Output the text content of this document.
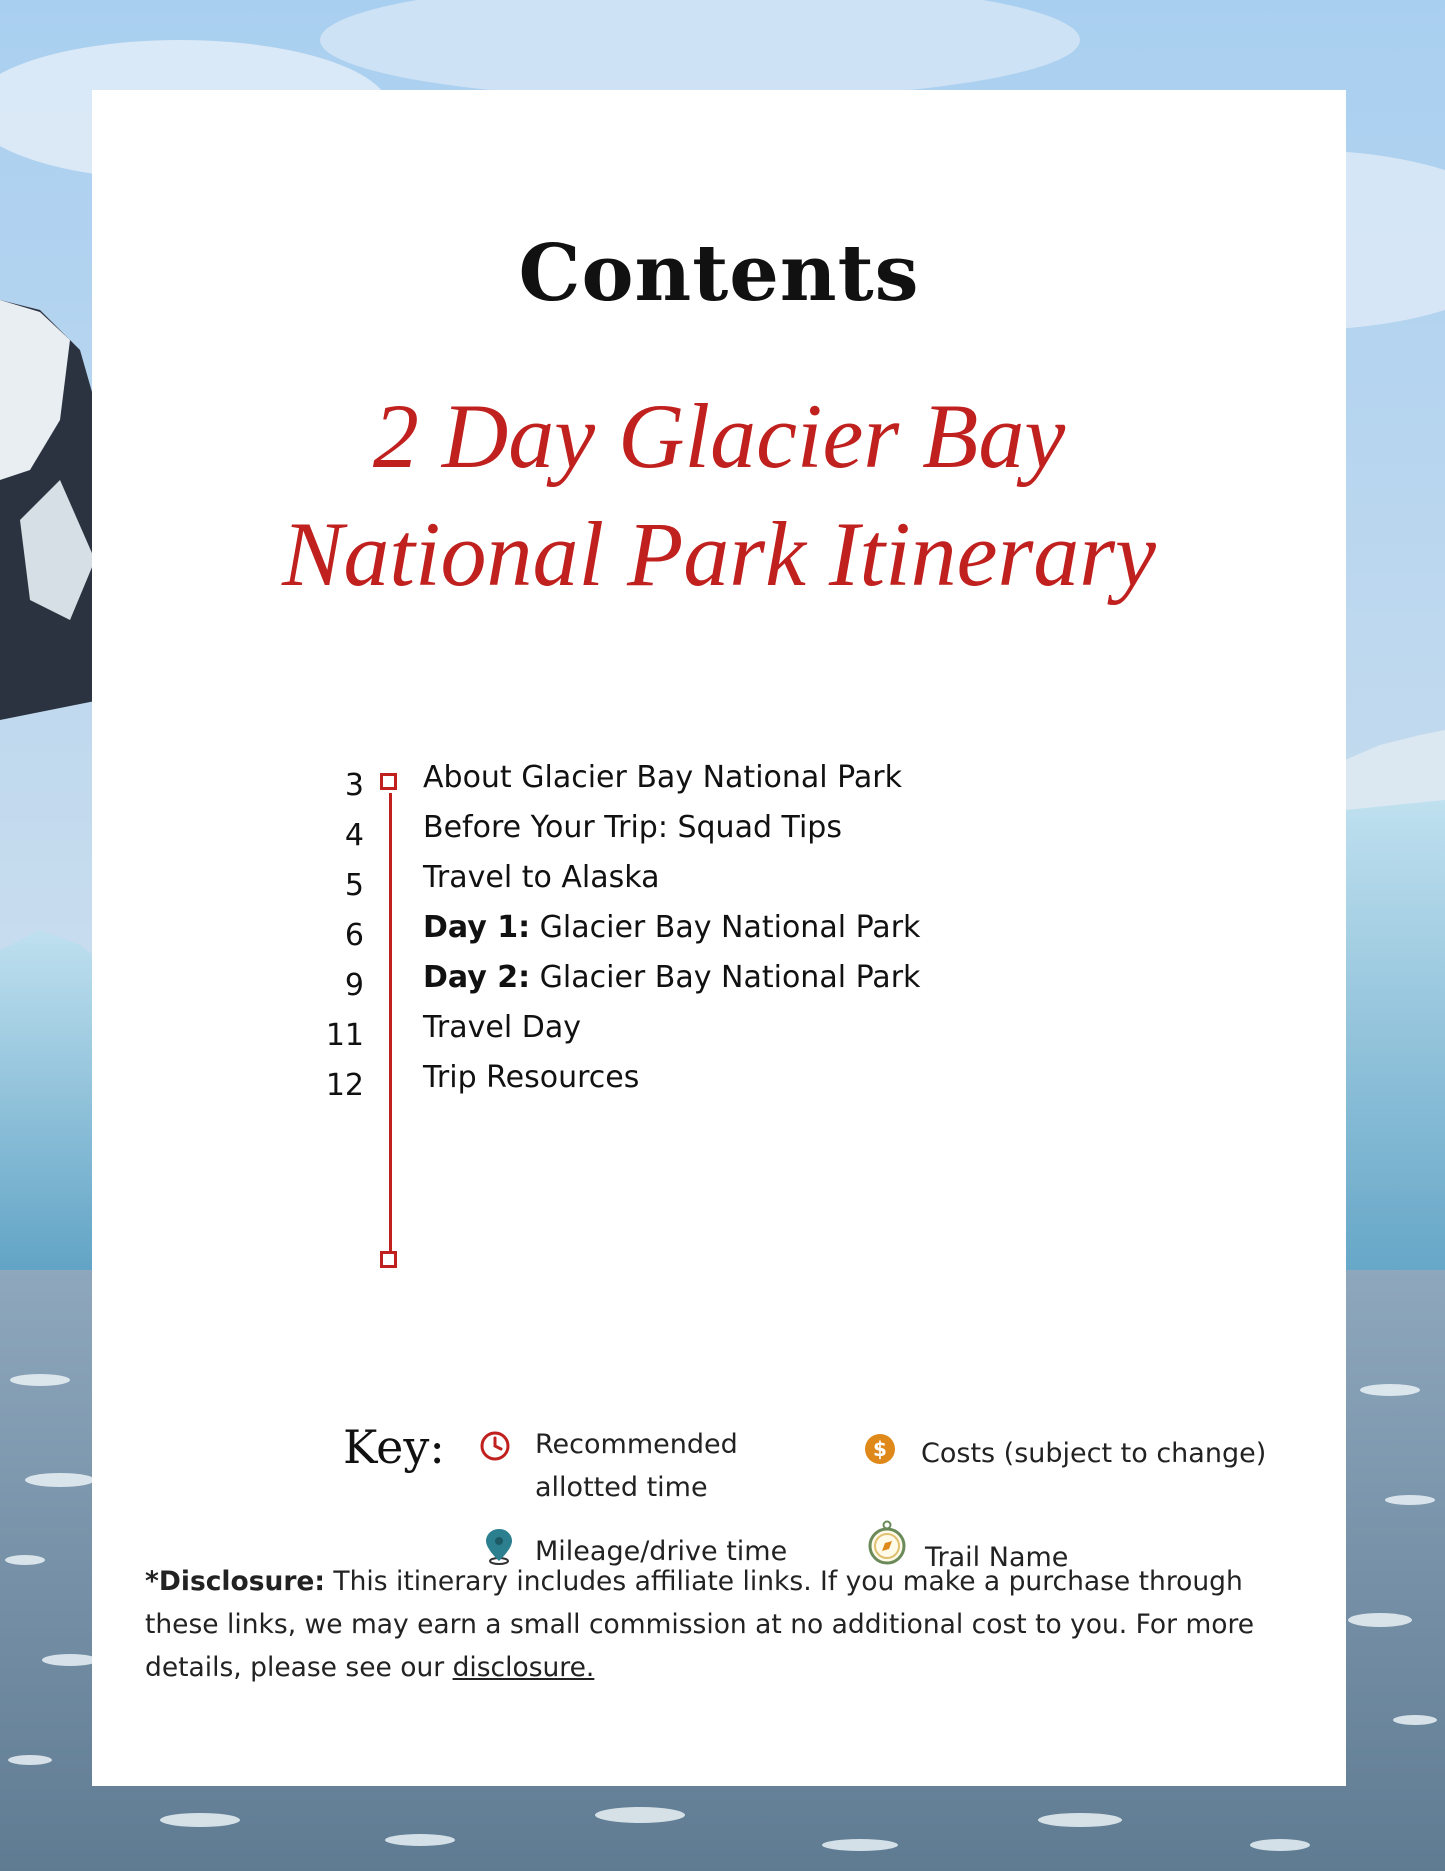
Contents
2 Day Glacier Bay
National Park Itinerary
3 About Glacier Bay National Park
4 Before Your Trip: Squad Tips
5 Travel to Alaska
6 Day 1: Glacier Bay National Park
9 Day 2: Glacier Bay National Park
11 Travel Day
12 Trip Resources
Key:	Recommended
allotted time
$ Costs (subject to change)
Mileage/drive time	Trail Name
*Disclosure: This itinerary includes affiliate links. If you make a purchase through these links, we may earn a small commission at no additional cost to you. For more details, please see our disclosure.
